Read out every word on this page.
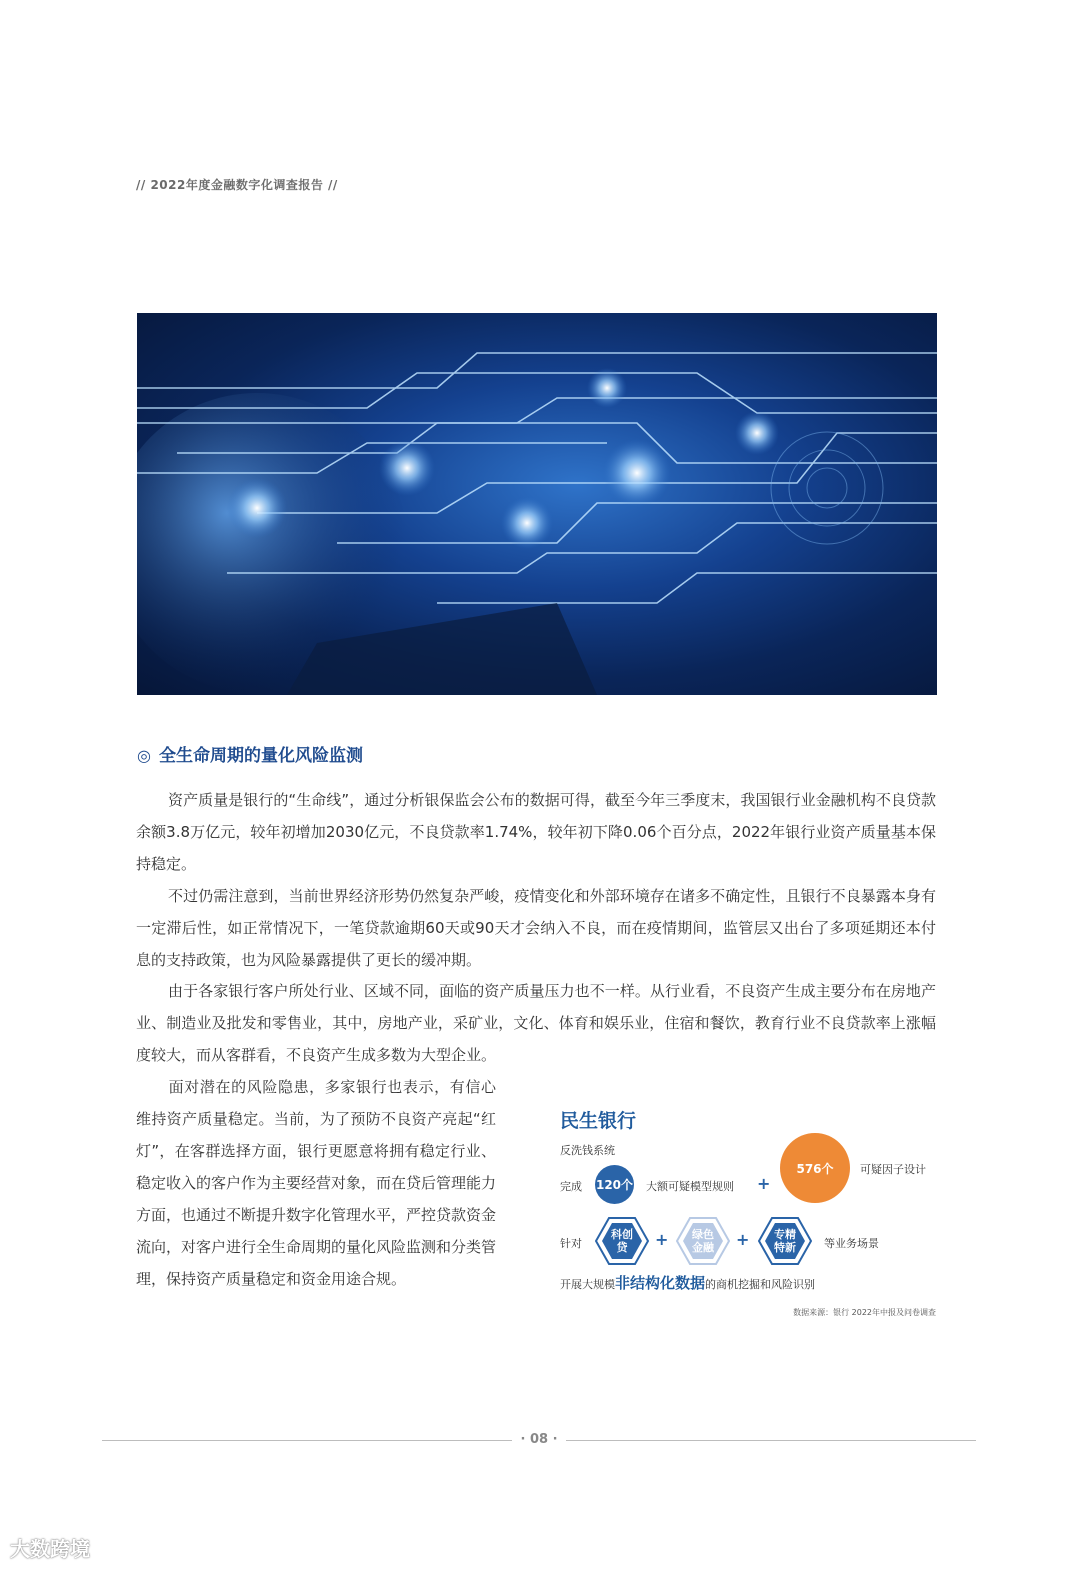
// 2022年度金融数字化调查报告 //
◎ 全生命周期的量化风险监测

资产质量是银行的“生命线”，通过分析银保监会公布的数据可得，截至今年三季度末，我国银行业金融机构不良贷款余额3.8万亿元，较年初增加2030亿元，不良贷款率1.74%，较年初下降0.06个百分点，2022年银行业资产质量基本保持稳定。

不过仍需注意到，当前世界经济形势仍然复杂严峻，疫情变化和外部环境存在诸多不确定性，且银行不良暴露本身有一定滞后性，如正常情况下，一笔贷款逾期60天或90天才会纳入不良，而在疫情期间，监管层又出台了多项延期还本付息的支持政策，也为风险暴露提供了更长的缓冲期。

由于各家银行客户所处行业、区域不同，面临的资产质量压力也不一样。从行业看，不良资产生成主要分布在房地产业、制造业及批发和零售业，其中，房地产业，采矿业，文化、体育和娱乐业，住宿和餐饮，教育行业不良贷款率上涨幅度较大，而从客群看，不良资产生成多数为大型企业。

面对潜在的风险隐患，多家银行也表示，有信心维持资产质量稳定。当前，为了预防不良资产亮起“红灯”，在客群选择方面，银行更愿意将拥有稳定行业、稳定收入的客户作为主要经营对象，而在贷后管理能力方面，也通过不断提升数字化管理水平，严控贷款资金流向，对客户进行全生命周期的量化风险监测和分类管理，保持资产质量稳定和资金用途合规。

民生银行
反洗钱系统
完成 120个 大额可疑模型规则 +
576个	可疑因子设计
针对
科创
贷	+	绿色
金融	+	专精
特新	等业务场景
开展大规模非结构化数据的商机挖掘和风险识别
数据来源：银行 2022年中报及问卷调查
· 08 ·
大数跨境
